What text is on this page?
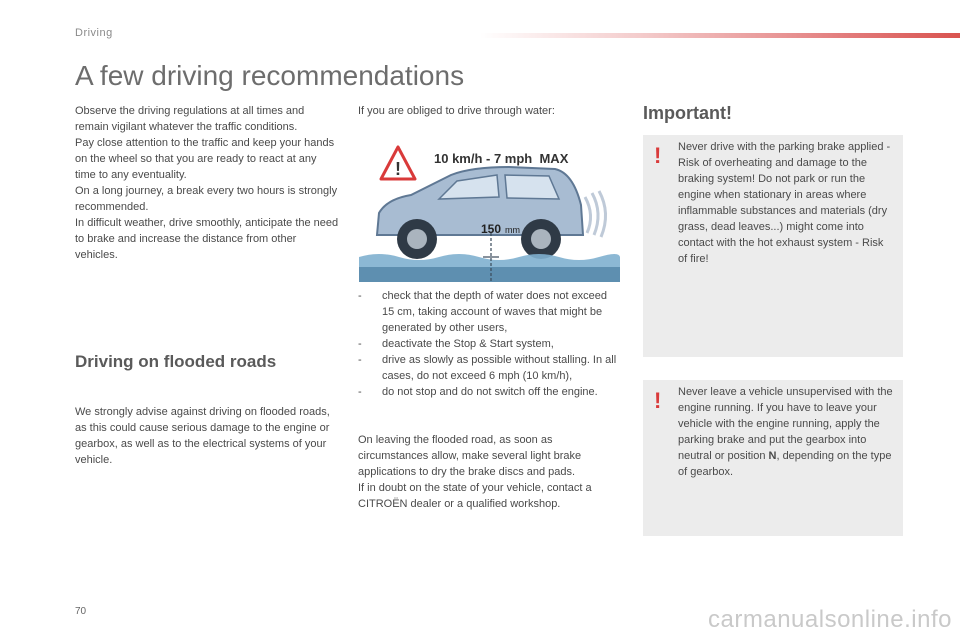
Driving
A few driving recommendations

Observe the driving regulations at all times and remain vigilant whatever the traffic conditions.

Pay close attention to the traffic and keep your hands on the wheel so that you are ready to react at any time to any eventuality.

On a long journey, a break every two hours is strongly recommended.

In difficult weather, drive smoothly, anticipate the need to brake and increase the distance from other vehicles.

Driving on flooded roads

We strongly advise against driving on flooded roads, as this could cause serious damage to the engine or gearbox, as well as to the electrical systems of your vehicle.

If you are obliged to drive through water:

!
10 km/h - 7 mph  MAX
150 mm
- check that the depth of water does not exceed 15 cm, taking account of waves that might be generated by other users,
- deactivate the Stop & Start system,
- drive as slowly as possible without stalling. In all cases, do not exceed 6 mph (10 km/h),
- do not stop and do not switch off the engine.
On leaving the flooded road, as soon as circumstances allow, make several light brake applications to dry the brake discs and pads.
If in doubt on the state of your vehicle, contact a CITROËN dealer or a qualified workshop.
Important!
! Never drive with the parking brake applied - Risk of overheating and damage to the braking system! Do not park or run the engine when stationary in areas where inflammable substances and materials (dry grass, dead leaves...) might come into contact with the hot exhaust system - Risk of fire!

! Never leave a vehicle unsupervised with the engine running. If you have to leave your vehicle with the engine running, apply the parking brake and put the gearbox into neutral or position N, depending on the type of gearbox.

70	carmanualsonline.info
